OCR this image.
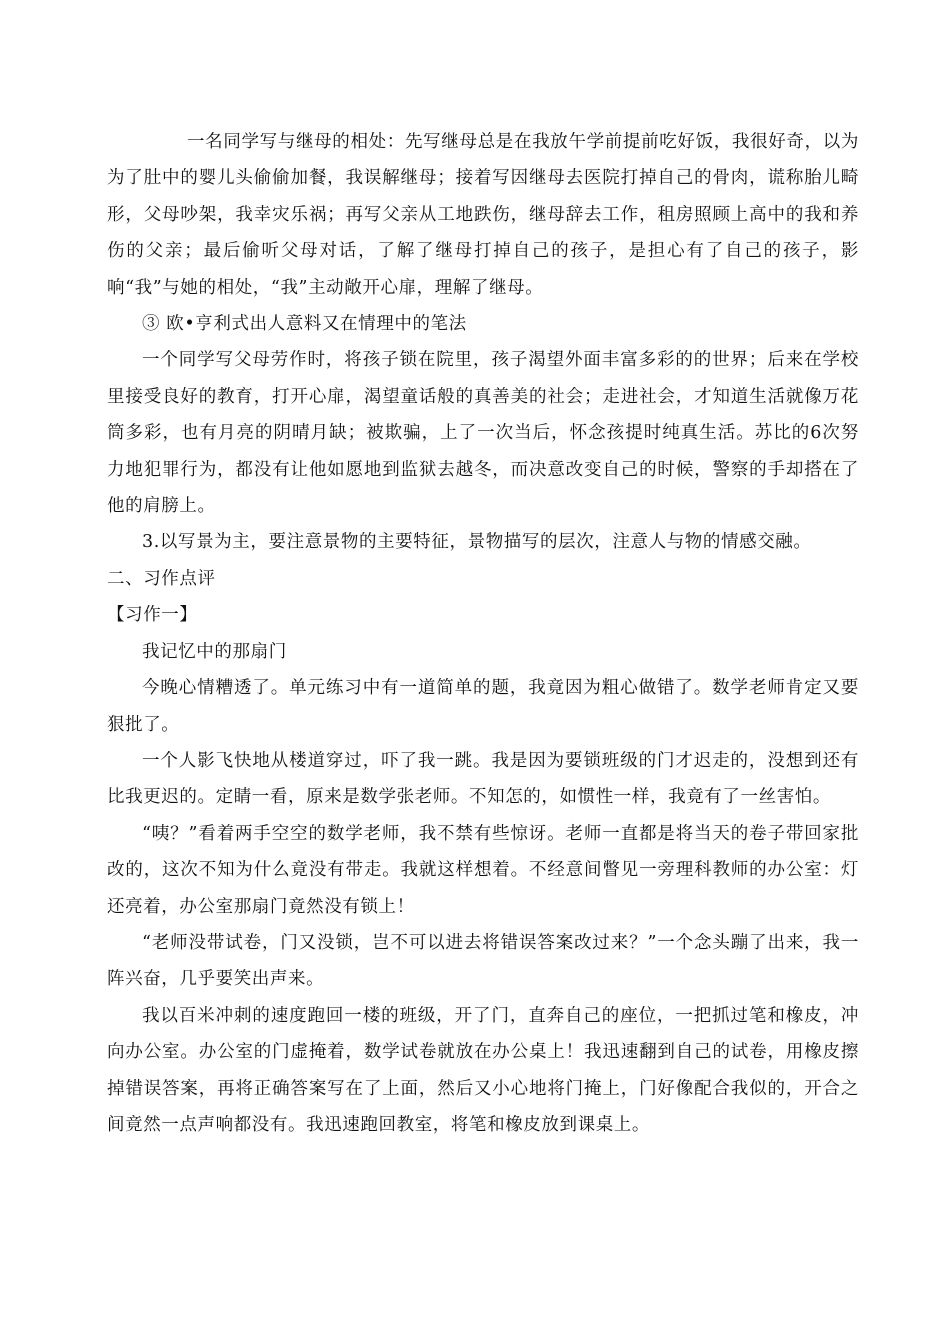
一名同学写与继母的相处：先写继母总是在我放午学前提前吃好饭，我很好奇，以为为了肚中的婴儿头偷偷加餐，我误解继母；接着写因继母去医院打掉自己的骨肉，谎称胎儿畸形，父母吵架，我幸灾乐祸；再写父亲从工地跌伤，继母辞去工作，租房照顾上高中的我和养伤的父亲；最后偷听父母对话，了解了继母打掉自己的孩子，是担心有了自己的孩子，影响“我”与她的相处，“我”主动敞开心扉，理解了继母。

③ 欧•亨利式出人意料又在情理中的笔法

一个同学写父母劳作时，将孩子锁在院里，孩子渴望外面丰富多彩的的世界；后来在学校里接受良好的教育，打开心扉，渴望童话般的真善美的社会；走进社会，才知道生活就像万花筒多彩，也有月亮的阴晴月缺；被欺骗，上了一次当后，怀念孩提时纯真生活。苏比的6次努力地犯罪行为，都没有让他如愿地到监狱去越冬，而决意改变自己的时候，警察的手却搭在了他的肩膀上。

3.以写景为主，要注意景物的主要特征，景物描写的层次，注意人与物的情感交融。

二、习作点评

【习作一】

我记忆中的那扇门

今晚心情糟透了。单元练习中有一道简单的题，我竟因为粗心做错了。数学老师肯定又要狠批了。

一个人影飞快地从楼道穿过，吓了我一跳。我是因为要锁班级的门才迟走的，没想到还有比我更迟的。定睛一看，原来是数学张老师。不知怎的，如惯性一样，我竟有了一丝害怕。

“咦？”看着两手空空的数学老师，我不禁有些惊讶。老师一直都是将当天的卷子带回家批改的，这次不知为什么竟没有带走。我就这样想着。不经意间瞥见一旁理科教师的办公室：灯还亮着，办公室那扇门竟然没有锁上！

“老师没带试卷，门又没锁，岂不可以进去将错误答案改过来？”一个念头蹦了出来，我一阵兴奋，几乎要笑出声来。

我以百米冲刺的速度跑回一楼的班级，开了门，直奔自己的座位，一把抓过笔和橡皮，冲向办公室。办公室的门虚掩着，数学试卷就放在办公桌上！我迅速翻到自己的试卷，用橡皮擦掉错误答案，再将正确答案写在了上面，然后又小心地将门掩上，门好像配合我似的，开合之间竟然一点声响都没有。我迅速跑回教室，将笔和橡皮放到课桌上。
